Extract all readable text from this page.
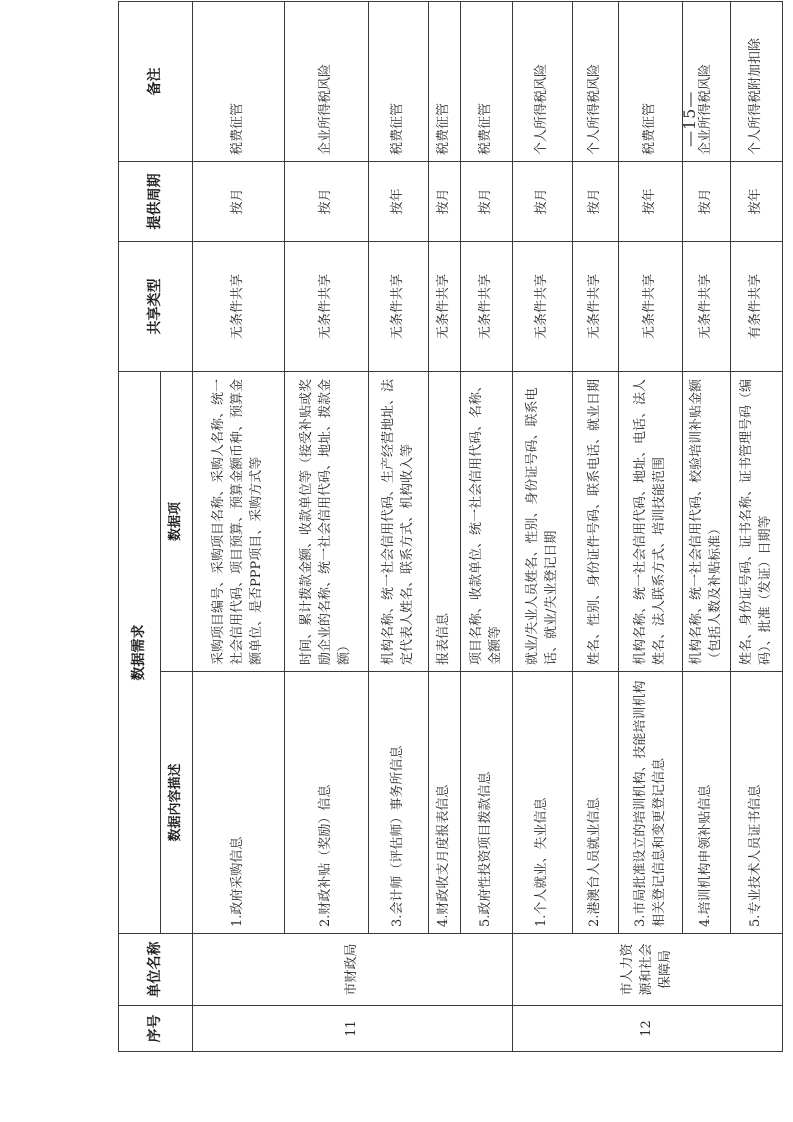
序号	单位名称	数据需求		共享类型	提供周期	备注
		数据内容描述	数据项			
11	市财政局	1.政府采购信息	采购项目编号、采购项目名称、采购人名称、统一社会信用代码、项目预算、预算金额币种、预算金额单位、是否PPP项目、采购方式等	无条件共享	按月	税费征管
		2.财政补贴（奖励）信息	时间、累计拨款金额、收款单位等（接受补贴或奖励企业的名称、统一社会信用代码、地址、拨款金额）	无条件共享	按月	企业所得税风险
		3.会计师（评估师）事务所信息	机构名称、统一社会信用代码、生产经营地址、法定代表人姓名、联系方式、机构收入等	无条件共享	按年	税费征管
		4.财政收支月度报表信息	报表信息	无条件共享	按月	税费征管
		5.政府性投资项目拨款信息	项目名称、收款单位、统一社会信用代码、名称、金额等	无条件共享	按月	税费征管
12	市人力资源和社会保障局	1.个人就业、失业信息	就业/失业人员姓名、性别、身份证号码、联系电话、就业/失业登记日期	无条件共享	按月	个人所得税风险
		2.港澳台人员就业信息	姓名、性别、身份证件号码、联系电话、就业日期	无条件共享	按月	个人所得税风险
		3.市局批准设立的培训机构、技能培训机构相关登记信息和变更登记信息	机构名称、统一社会信用代码、地址、电话、法人姓名、法人联系方式、培训技能范围	无条件共享	按年	税费征管
		4.培训机构申领补贴信息	机构名称、统一社会信用代码、校验培训补贴金额（包括人数及补贴标准）	无条件共享	按月	企业所得税风险
		5.专业技术人员证书信息	姓名、身份证号码、证书名称、证书管理号码（编码）、批准（发证）日期等	有条件共享	按年	个人所得税附加扣除
—15—
